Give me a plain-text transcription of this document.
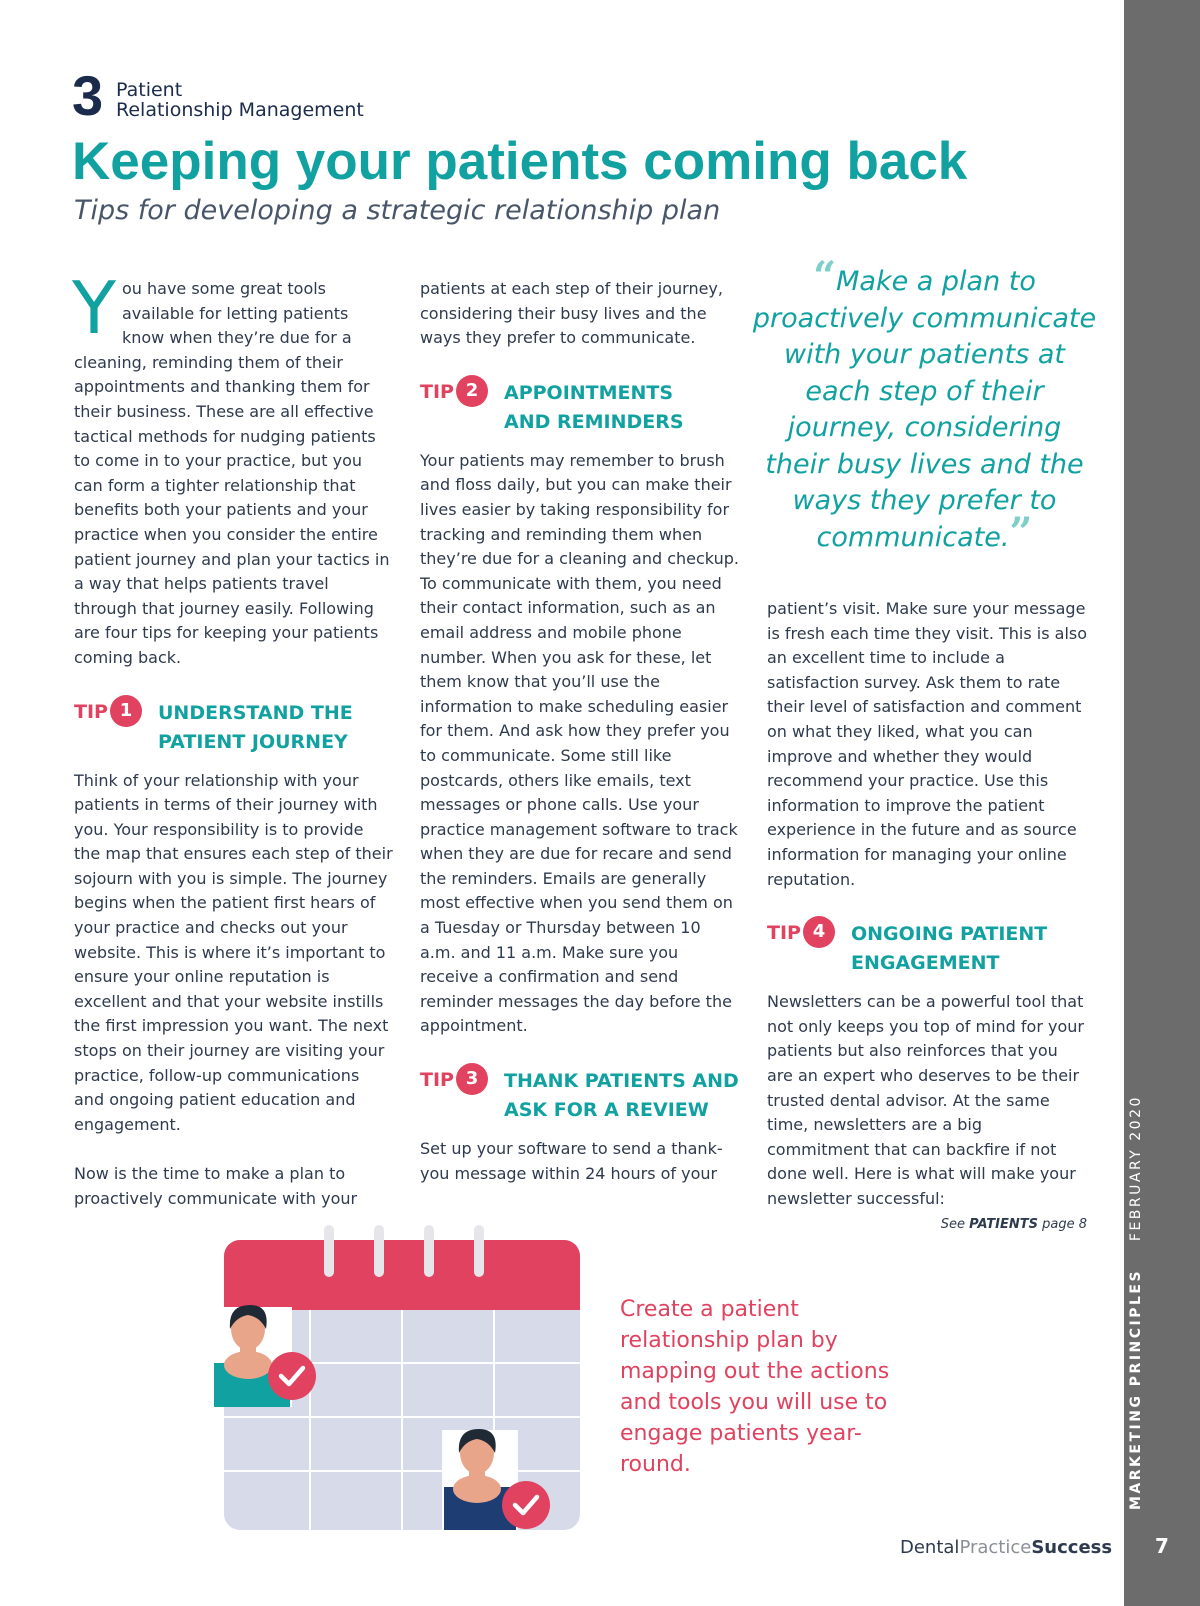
MARKETING PRINCIPLES    FEBRUARY 2020
7
3 Patient
Relationship Management
Keeping your patients coming back
Tips for developing a strategic relationship plan

You have some great tools available for letting patients know when they’re due for a cleaning, reminding them of their appointments and thanking them for their business. These are all effective tactical methods for nudging patients to come in to your practice, but you can form a tighter relationship that benefits both your patients and your practice when you consider the entire patient journey and plan your tactics in a way that helps patients travel through that journey easily. Following are four tips for keeping your patients coming back.

TIP 1	UNDERSTAND THE
PATIENT JOURNEY

Think of your relationship with your patients in terms of their journey with you. Your responsibility is to provide the map that ensures each step of their sojourn with you is simple. The journey begins when the patient first hears of your practice and checks out your website. This is where it’s important to ensure your online reputation is excellent and that your website instills the first impression you want. The next stops on their journey are visiting your practice, follow-up communications and ongoing patient education and engagement.

Now is the time to make a plan to proactively communicate with your

patients at each step of their journey, considering their busy lives and the ways they prefer to communicate.

TIP 2	APPOINTMENTS
AND REMINDERS

Your patients may remember to brush and floss daily, but you can make their lives easier by taking responsibility for tracking and reminding them when they’re due for a cleaning and checkup. To communicate with them, you need their contact information, such as an email address and mobile phone number. When you ask for these, let them know that you’ll use the information to make scheduling easier for them. And ask how they prefer you to communicate. Some still like postcards, others like emails, text messages or phone calls. Use your practice management software to track when they are due for recare and send the reminders. Emails are generally most effective when you send them on a Tuesday or Thursday between 10 a.m. and 11 a.m. Make sure you receive a confirmation and send reminder messages the day before the appointment.

TIP 3	THANK PATIENTS AND
ASK FOR A REVIEW

Set up your software to send a thank-you message within 24 hours of your

“Make a plan to proactively communicate with your patients at each step of their journey, considering their busy lives and the ways they prefer to communicate.”

patient’s visit. Make sure your message is fresh each time they visit. This is also an excellent time to include a satisfaction survey. Ask them to rate their level of satisfaction and comment on what they liked, what you can improve and whether they would recommend your practice. Use this information to improve the patient experience in the future and as source information for managing your online reputation.

TIP 4	ONGOING PATIENT
ENGAGEMENT

Newsletters can be a powerful tool that not only keeps you top of mind for your patients but also reinforces that you are an expert who deserves to be their trusted dental advisor. At the same time, newsletters are a big commitment that can backfire if not done well. Here is what will make your newsletter successful:

See PATIENTS page 8
Create a patient relationship plan by mapping out the actions and tools you will use to engage patients year-round.
DentalPracticeSuccess
